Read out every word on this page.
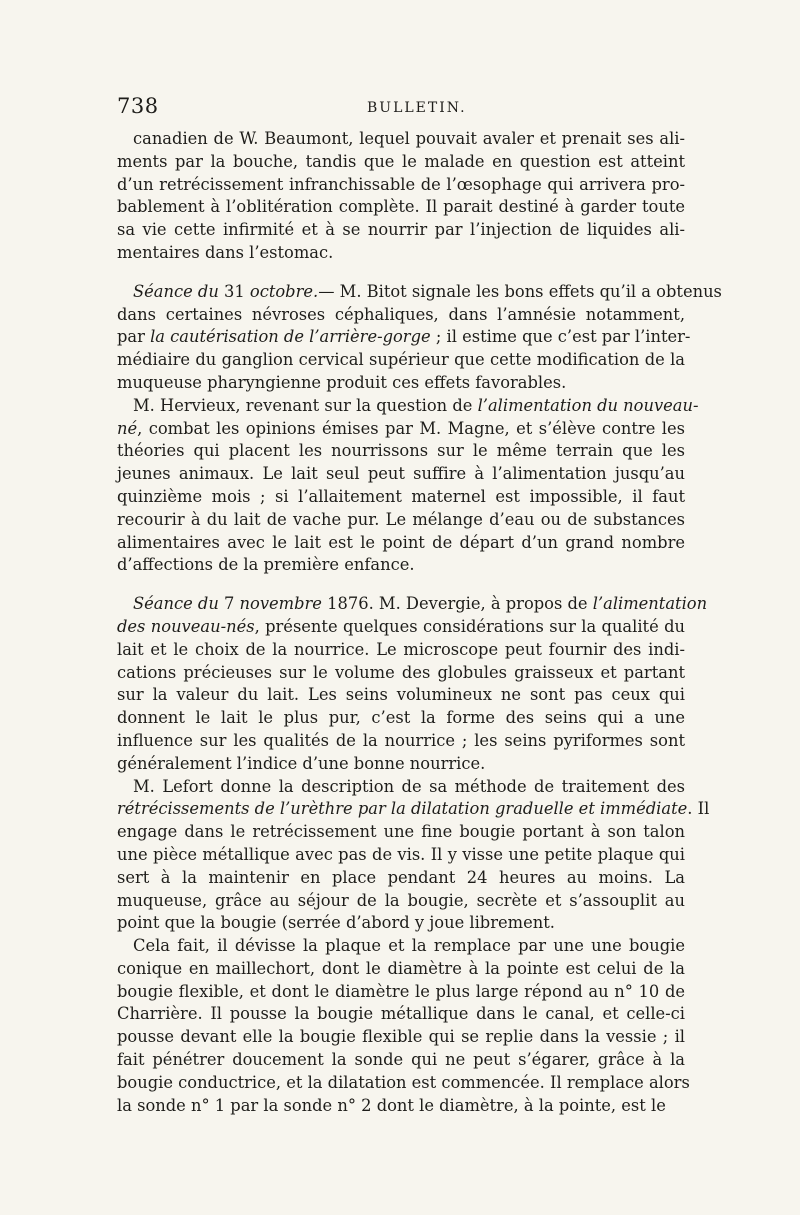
738	BULLETIN.
canadien de W. Beaumont, lequel pouvait avaler et prenait ses ali-
ments par la bouche, tandis que le malade en question est atteint
d’un retrécissement infranchissable de l’œsophage qui arrivera pro-
bablement à l’oblitération complète. Il parait destiné à garder toute
sa vie cette infirmité et à se nourrir par l’injection de liquides ali-
mentaires dans l’estomac.
Séance du 31 octobre.— M. Bitot signale les bons effets qu’il a obtenus
dans certaines névroses céphaliques, dans l’amnésie notamment,
par la cautérisation de l’arrière-gorge ; il estime que c’est par l’inter-
médiaire du ganglion cervical supérieur que cette modification de la
muqueuse pharyngienne produit ces effets favorables.
M. Hervieux, revenant sur la question de l’alimentation du nouveau-
né, combat les opinions émises par M. Magne, et s’élève contre les
théories qui placent les nourrissons sur le même terrain que les
jeunes animaux. Le lait seul peut suffire à l’alimentation jusqu’au
quinzième mois ; si l’allaitement maternel est impossible, il faut
recourir à du lait de vache pur. Le mélange d’eau ou de substances
alimentaires avec le lait est le point de départ d’un grand nombre
d’affections de la première enfance.
Séance du 7 novembre 1876. M. Devergie, à propos de l’alimentation
des nouveau-nés, présente quelques considérations sur la qualité du
lait et le choix de la nourrice. Le microscope peut fournir des indi-
cations précieuses sur le volume des globules graisseux et partant
sur la valeur du lait. Les seins volumineux ne sont pas ceux qui
donnent le lait le plus pur, c’est la forme des seins qui a une
influence sur les qualités de la nourrice ; les seins pyriformes sont
généralement l’indice d’une bonne nourrice.
M. Lefort donne la description de sa méthode de traitement des
rétrécissements de l’urèthre par la dilatation graduelle et immédiate. Il
engage dans le retrécissement une fine bougie portant à son talon
une pièce métallique avec pas de vis. Il y visse une petite plaque qui
sert à la maintenir en place pendant 24 heures au moins. La
muqueuse, grâce au séjour de la bougie, secrète et s’assouplit au
point que la bougie (serrée d’abord y joue librement.
Cela fait, il dévisse la plaque et la remplace par une une bougie
conique en maillechort, dont le diamètre à la pointe est celui de la
bougie flexible, et dont le diamètre le plus large répond au n° 10 de
Charrière. Il pousse la bougie métallique dans le canal, et celle-ci
pousse devant elle la bougie flexible qui se replie dans la vessie ; il
fait pénétrer doucement la sonde qui ne peut s’égarer, grâce à la
bougie conductrice, et la dilatation est commencée. Il remplace alors
la sonde n° 1 par la sonde n° 2 dont le diamètre, à la pointe, est le
